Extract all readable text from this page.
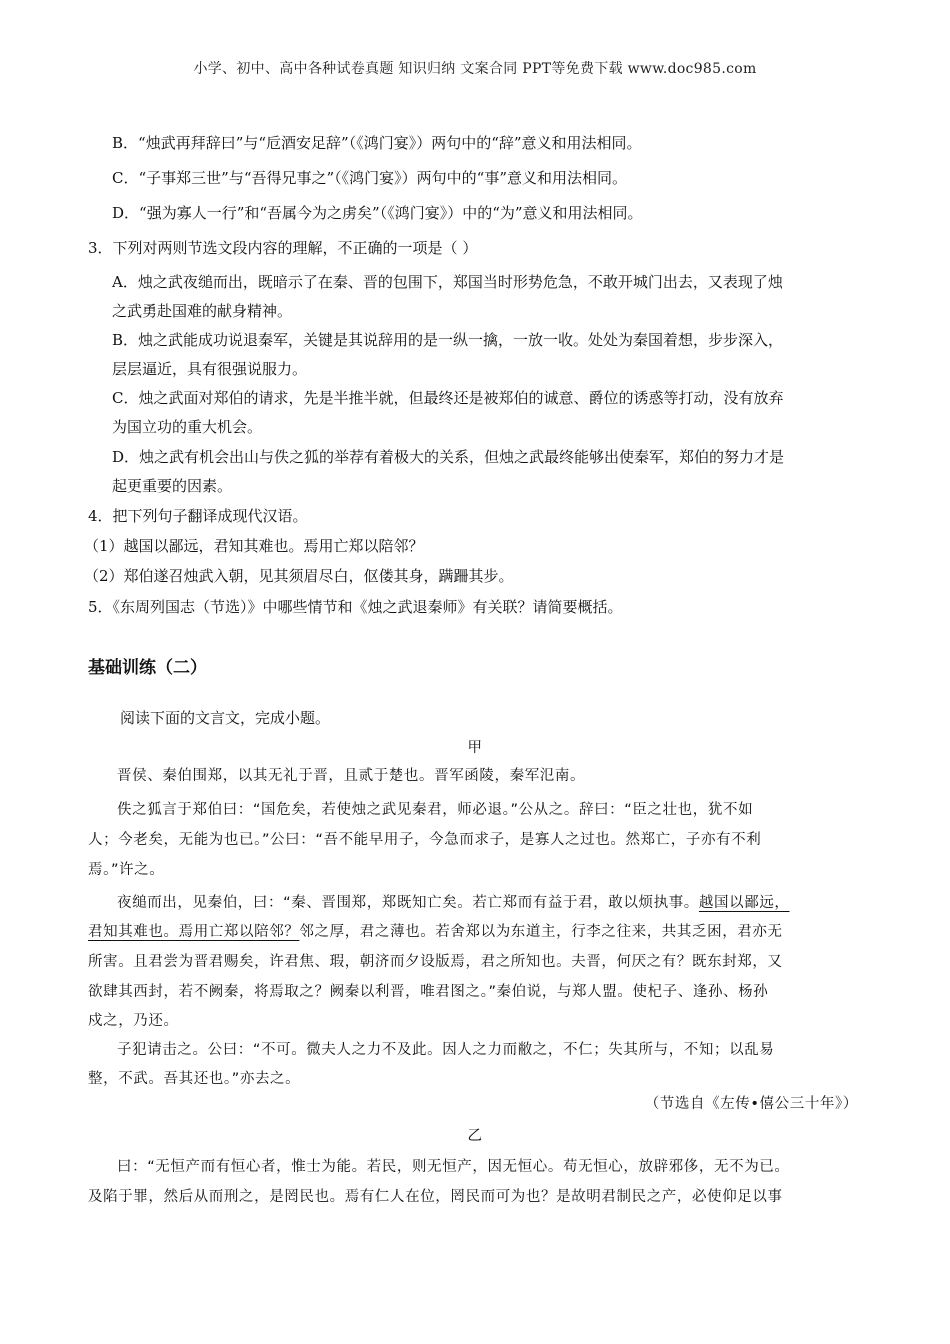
小学、初中、高中各种试卷真题 知识归纳 文案合同 PPT等免费下载 www.doc985.com
B．“烛武再拜辞曰”与“卮酒安足辞”（《鸿门宴》）两句中的“辞”意义和用法相同。
C．“子事郑三世”与“吾得兄事之”（《鸿门宴》）两句中的“事”意义和用法相同。
D．“强为寡人一行”和“吾属今为之虏矣”（《鸿门宴》）中的“为”意义和用法相同。
3．下列对两则节选文段内容的理解，不正确的一项是（ ）
A．烛之武夜缒而出，既暗示了在秦、晋的包围下，郑国当时形势危急，不敢开城门出去，又表现了烛
之武勇赴国难的献身精神。
B．烛之武能成功说退秦军，关键是其说辞用的是一纵一擒，一放一收。处处为秦国着想，步步深入，
层层逼近，具有很强说服力。
C．烛之武面对郑伯的请求，先是半推半就，但最终还是被郑伯的诚意、爵位的诱惑等打动，没有放弃
为国立功的重大机会。
D．烛之武有机会出山与佚之狐的举荐有着极大的关系，但烛之武最终能够出使秦军，郑伯的努力才是
起更重要的因素。
4．把下列句子翻译成现代汉语。
（1）越国以鄙远，君知其难也。焉用亡郑以陪邻？
（2）郑伯遂召烛武入朝，见其须眉尽白，伛偻其身，蹒跚其步。
5．《东周列国志（节选）》中哪些情节和《烛之武退秦师》有关联？请简要概括。
基础训练（二）
阅读下面的文言文，完成小题。
甲
晋侯、秦伯围郑，以其无礼于晋，且贰于楚也。晋军函陵，秦军氾南。
佚之狐言于郑伯曰：“国危矣，若使烛之武见秦君，师必退。”公从之。辞曰：“臣之壮也，犹不如
人；今老矣，无能为也已。”公曰：“吾不能早用子，今急而求子，是寡人之过也。然郑亡，子亦有不利
焉。”许之。
夜缒而出，见秦伯，曰：“秦、晋围郑，郑既知亡矣。若亡郑而有益于君，敢以烦执事。越国以鄙远，
君知其难也。焉用亡郑以陪邻？邻之厚，君之薄也。若舍郑以为东道主，行李之往来，共其乏困，君亦无
所害。且君尝为晋君赐矣，许君焦、瑕，朝济而夕设版焉，君之所知也。夫晋，何厌之有？既东封郑，又
欲肆其西封，若不阙秦，将焉取之？阙秦以利晋，唯君图之。”秦伯说，与郑人盟。使杞子、逢孙、杨孙
戍之，乃还。
子犯请击之。公曰：“不可。微夫人之力不及此。因人之力而敝之，不仁；失其所与，不知；以乱易
整，不武。吾其还也。”亦去之。
（节选自《左传•僖公三十年》）
乙
曰：“无恒产而有恒心者，惟士为能。若民，则无恒产，因无恒心。苟无恒心，放辟邪侈，无不为已。
及陷于罪，然后从而刑之，是罔民也。焉有仁人在位，罔民而可为也？是故明君制民之产，必使仰足以事
